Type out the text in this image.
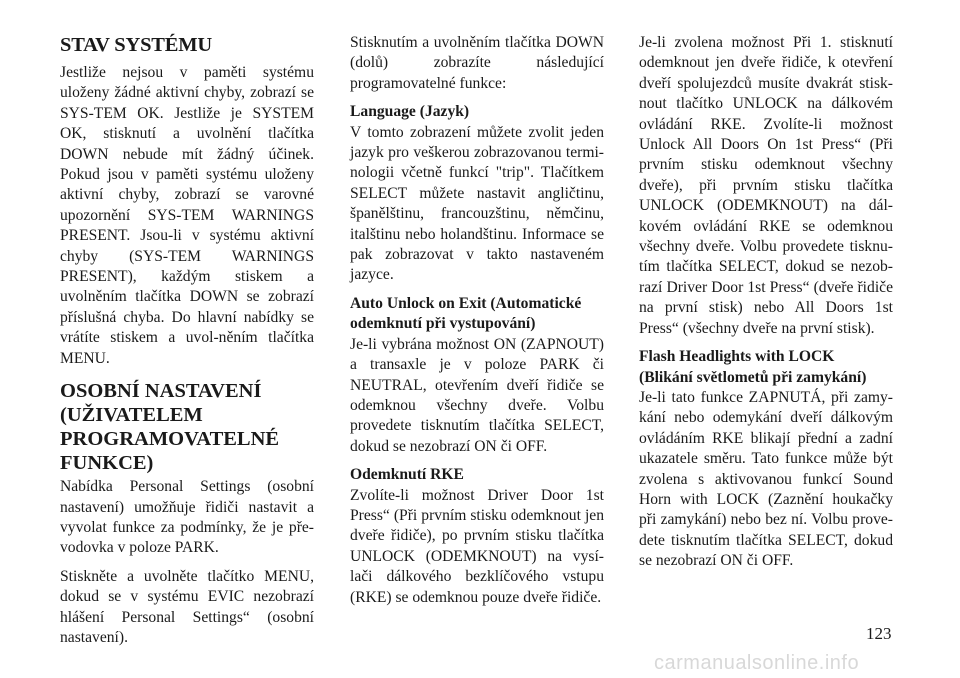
STAV SYSTÉMU

Jestliže nejsou v paměti systému uloženy žádné aktivní chyby, zobrazí se SYS-TEM OK. Jestliže je SYSTEM OK, stisknutí a uvolnění tlačítka DOWN nebude mít žádný účinek. Pokud jsou v paměti systému uloženy aktivní chyby, zobrazí se varovné upozornění SYS-TEM WARNINGS PRESENT. Jsou-li v systému aktivní chyby (SYS-TEM WARNINGS PRESENT), každým stiskem a uvolněním tlačítka DOWN se zobrazí příslušná chyba. Do hlavní nabídky se vrátíte stiskem a uvol-něním tlačítka MENU.

OSOBNÍ NASTAVENÍ (UŽIVATELEM PROGRAMOVATELNÉ FUNKCE)

Nabídka Personal Settings (osobní nastavení) umožňuje řidiči nastavit a vyvolat funkce za podmínky, že je pře-vodovka v poloze PARK.

Stiskněte a uvolněte tlačítko MENU, dokud se v systému EVIC nezobrazí hlášení Personal Settings“ (osobní nastavení).

Stisknutím a uvolněním tlačítka DOWN (dolů) zobrazíte následující programovatelné funkce:

Language (Jazyk)

V tomto zobrazení můžete zvolit jeden jazyk pro veškerou zobrazovanou termi-nologii včetně funkcí "trip". Tlačítkem SELECT můžete nastavit angličtinu, španělštinu, francouzštinu, němčinu, italštinu nebo holandštinu. Informace se pak zobrazovat v takto nastaveném jazyce.

Auto Unlock on Exit (Automatické odemknutí při vystupování)

Je-li vybrána možnost ON (ZAPNOUT) a transaxle je v poloze PARK či NEUTRAL, otevřením dveří řidiče se odemknou všechny dveře. Volbu provedete tisknutím tlačítka SELECT, dokud se nezobrazí ON či OFF.

Odemknutí RKE

Zvolíte-li možnost Driver Door 1st Press“ (Při prvním stisku odemknout jen dveře řidiče), po prvním stisku tlačítka UNLOCK (ODEMKNOUT) na vysí-lači dálkového bezklíčového vstupu (RKE) se odemknou pouze dveře řidiče.

Je-li zvolena možnost Při 1. stisknutí odemknout jen dveře řidiče, k otevření dveří spolujezdců musíte dvakrát stisk-nout tlačítko UNLOCK na dálkovém ovládání RKE. Zvolíte-li možnost Unlock All Doors On 1st Press“ (Při prvním stisku odemknout všechny dveře), při prvním stisku tlačítka UNLOCK (ODEMKNOUT) na dál-kovém ovládání RKE se odemknou všechny dveře. Volbu provedete tisknu-tím tlačítka SELECT, dokud se nezob-razí Driver Door 1st Press“ (dveře řidiče na první stisk) nebo All Doors 1st Press“ (všechny dveře na první stisk).

Flash Headlights with LOCK
(Blikání světlometů při zamykání)

Je-li tato funkce ZAPNUTÁ, při zamy-kání nebo odemykání dveří dálkovým ovládáním RKE blikají přední a zadní ukazatele směru. Tato funkce může být zvolena s aktivovanou funkcí Sound Horn with LOCK (Zaznění houkačky při zamykání) nebo bez ní. Volbu prove-dete tisknutím tlačítka SELECT, dokud se nezobrazí ON či OFF.

123
carmanualsonline.info
